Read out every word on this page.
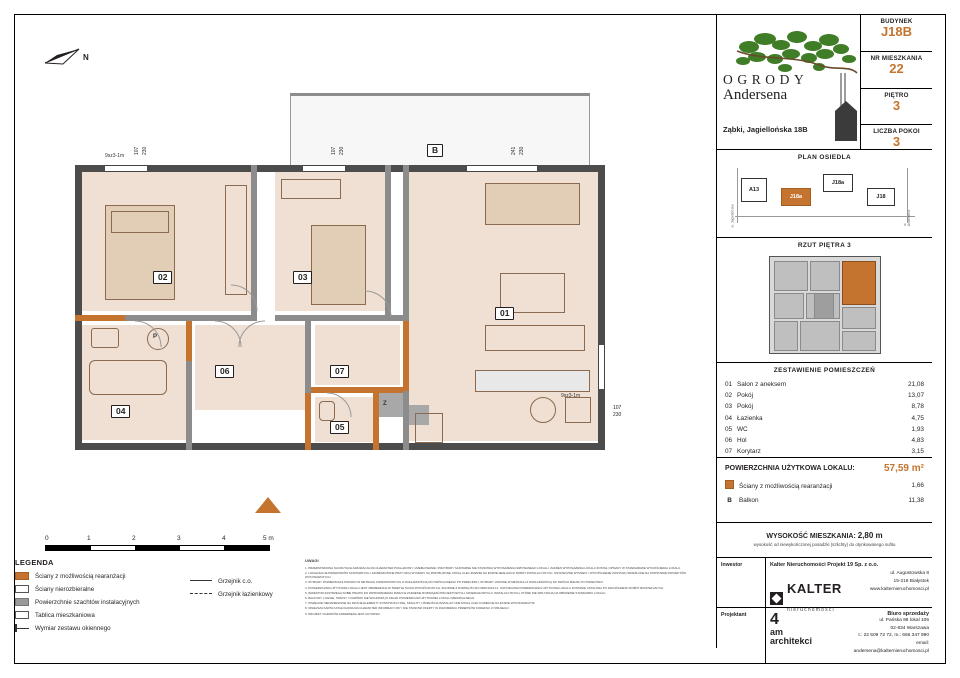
N
B
P
Z
02	03
01
04
05
06	07
9sz3-1m
9sz3-1m
107 230	107 230	241 230
107
230
0	1	2	3	4	5 m
LEGENDA
Ściany z możliwością rearanżacji
Ściany nierozbieralne
Powierzchnie szachtów instalacyjnych
Tablica mieszkaniowa
Wymiar zestawu okiennego
Grzejnik c.o.
Grzejnik łazienkowy
UWAGI

1. PRZEDSTAWIONA NA RZUTACH ARANŻACJA MA CHARAKTER POGLĄDOWY, UMEBLOWANIE I PRZYBORY SANITARNE NIE STANOWIĄ WYPOSAŻENIA NABYWANEGO LOKALU. ZAKRES WYPOSAŻENIA LOKALU ZOSTAŁ OPISANY W STANDARDZIE WYKOŃCZENIA LOKALU.

2. LOKALIZACJE PRZEWODÓW SANITARNYCH I ZAMIESZCZONE PRZY NICH WYMIARY SĄ PRZYBLIŻONE, MOGĄ ULEC ZMIANIE NA ETAPIE REALIZACJI ROBÓT INSTALACYJNYCH. OSTATECZNE WYMIARY I WYKOŃCZENIE ZOSTANĄ OKREŚLONE NA PODSTAWIE PROJEKTÓW WYKONAWCZYCH.

3. WYMIARY POWIERZCHNI PODANO W METRACH KWADRATOWYCH Z DOKŁADNOŚCIĄ DO DWÓCH MIEJSC PO PRZECINKU; WYMIARY LINIOWE W METRACH Z DOKŁADNOŚCIĄ DO DWÓCH MIEJSC PO PRZECINKU.

4. POWIERZCHNIA UŻYTKOWA LOKALU JEST OBMIERZANA W ŚWIETLE ŚCIAN WYKOŃCZONYCH, ZGODNIE Z NORMĄ PN-ISO 9836:2015-12. OSTATECZNA POWIERZCHNIA UŻYTKOWA LOKALU ZOSTANIE USTALONA PO ZAKOŃCZENIU ROBÓT BUDOWLANYCH.

5. INWESTOR ZASTRZEGA SOBIE PRAWO DO WPROWADZENIA ZMIAN W ZAKRESIE ROZWIĄZAŃ PROJEKTOWYCH, MATERIAŁOWYCH I INSTALACYJNYCH, KTÓRE NIE WPŁYWAJĄ NA OBNIŻENIE STANDARDU LOKALU.

6. BALKONY, LOGGIE, TARASY I OGRÓDKI NIE WCHODZĄ W SKŁAD POWIERZCHNI UŻYTKOWEJ LOKALU MIESZKALNEGO.

7. WSZELKIE NIENANIESIONE NA RZUCIE ELEMENTY KONSTRUKCYJNE, SZACHTY I PRZEJŚCIA INSTALACYJNE MOGĄ ULEC KOREKCIE NA ETAPIE WYKONAWCZYM.

8. NINIEJSZA KARTA KATALOGOWA MA CHARAKTER INFORMACYJNY I NIE STANOWI OFERTY W ROZUMIENIU PRZEPISÓW KODEKSU CYWILNEGO.

9. PROJEKT OGRODÓW ANDERSENA JEST AUTORSKI.

OGRODY
Andersena
Ząbki, Jagiellońska 18B
BUDYNEK
J18B
NR MIESZKANIA
22
PIĘTRO
3
LICZBA POKOI
3
PLAN OSIEDLA
A13
J18a
J18a
J18
ul. Jagiellońska	ul. Andersena
RZUT PIĘTRA 3
ZESTAWIENIE POMIESZCZEŃ
01	Salon z aneksem	21,08
02	Pokój	13,07
03	Pokój	8,78
04	Łazienka	4,75
05	WC	1,93
06	Hol	4,83
07	Korytarz	3,15
POWIERZCHNIA UŻYTKOWA LOKALU:		57,59 m²
Ściany z możliwością rearanżacji		1,66
B Balkon		11,38
WYSOKOŚĆ MIESZKANIA: 2,80 m
wysokość od niewykończonej posadzki (szlichty) do otynkowanego sufitu
Inwestor	Kalter Nieruchomości Projekt 19 Sp. z o.o.
KALTER
nieruchomości
ul. Augustowska 8
15-218 Białystok
www.kalternieruchomosci.pl
Projektant 4
am
architekci
Biuro sprzedaży
ul. Pańska 98 lokal 106
02-834 Warszawa
t.: 22 509 72 72, m.: 666 347 990
email: andersena@kalternieruchomosci.pl
